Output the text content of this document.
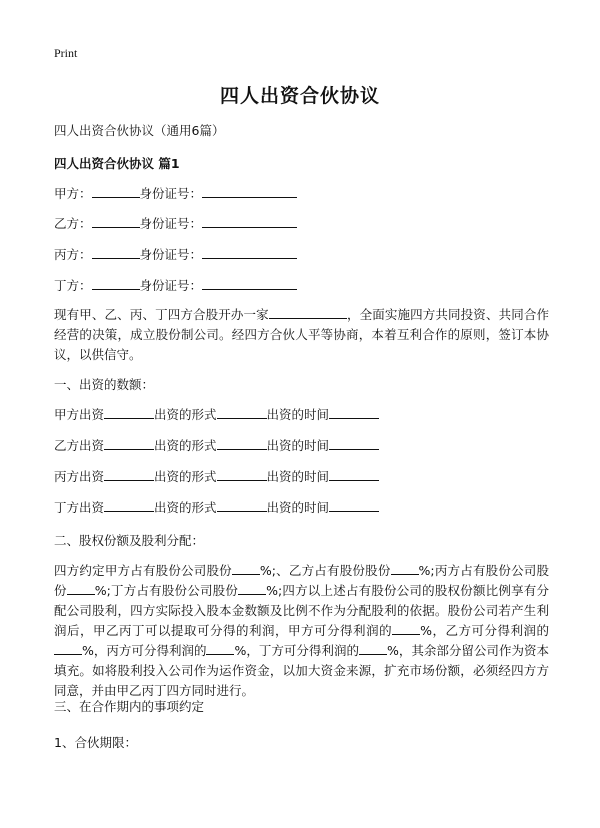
Print
四人出资合伙协议
四人出资合伙协议（通用6篇）
四人出资合伙协议 篇1
甲方：	身份证号：
乙方：	身份证号：
丙方：	身份证号：
丁方：	身份证号：
现有甲、乙、丙、丁四方合股开办一家	，全面实施四方共同投资、共同合作经营的决策，成立股份制公司。经四方合伙人平等协商，本着互利合作的原则，签订本协议，以供信守。
一、出资的数额：
甲方出资	出资的形式	出资的时间
乙方出资	出资的形式	出资的时间
丙方出资	出资的形式	出资的时间
丁方出资	出资的形式	出资的时间
二、股权份额及股利分配：
四方约定甲方占有股份公司股份 %;、乙方占有股份股份 %;丙方占有股份公司股份 %;丁方占有股份公司股份 %;四方以上述占有股份公司的股权份额比例享有分配公司股利，四方实际投入股本金数额及比例不作为分配股利的依据。股份公司若产生利润后，甲乙丙丁可以提取可分得的利润，甲方可分得利润的 %，乙方可分得利润的%，丙方可分得利润的 %，丁方可分得利润的 %，其余部分留公司作为资本填充。如将股利投入公司作为运作资金，以加大资金来源，扩充市场份额，必须经四方方同意，并由甲乙丙丁四方同时进行。
三、在合作期内的事项约定
1、合伙期限：
